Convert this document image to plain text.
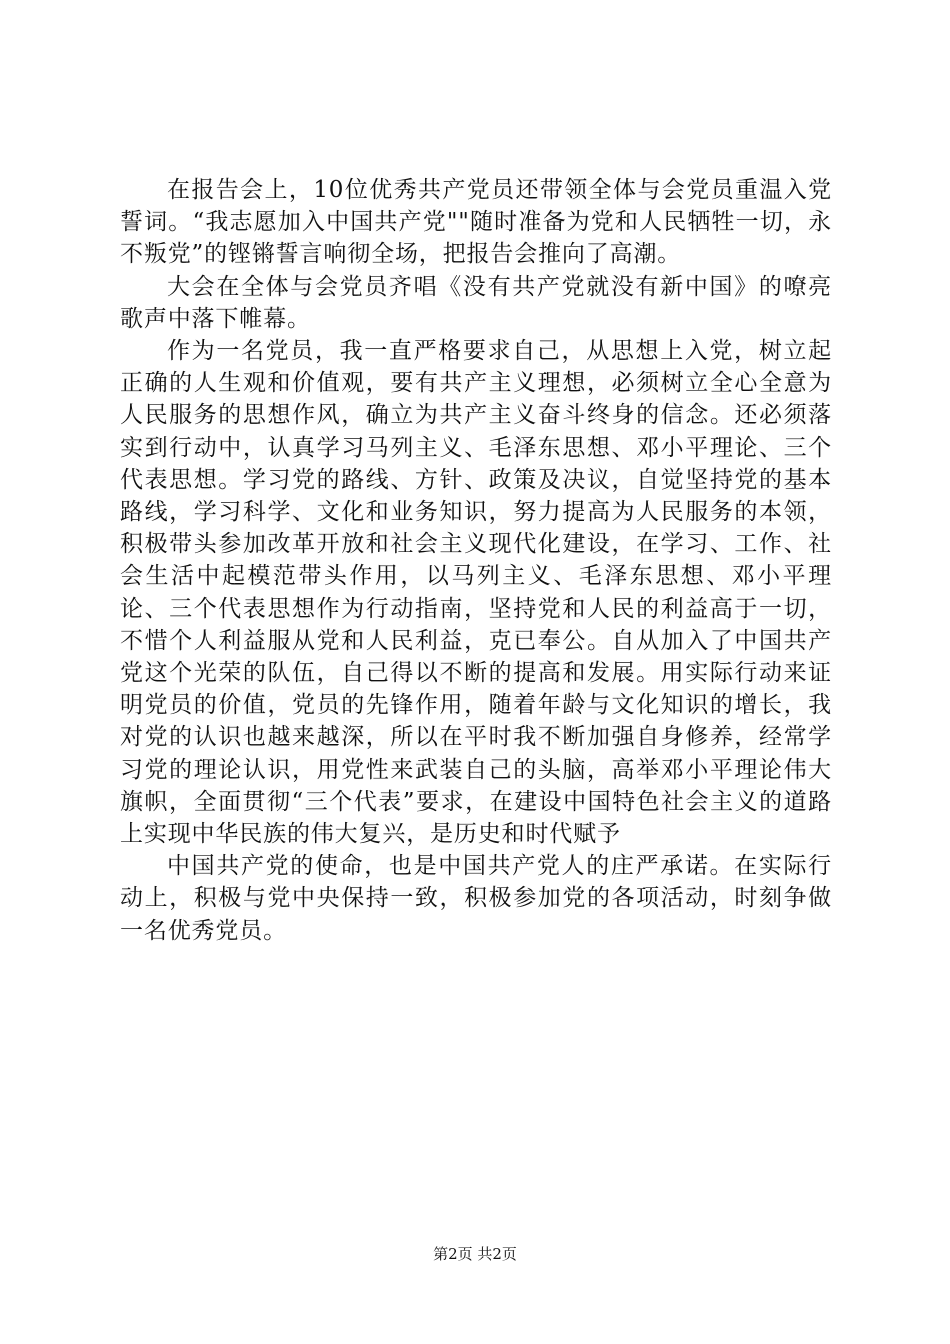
在报告会上，10位优秀共产党员还带领全体与会党员重温入党誓词。“我志愿加入中国共产党""随时准备为党和人民牺牲一切，永不叛党”的铿锵誓言响彻全场，把报告会推向了高潮。

大会在全体与会党员齐唱《没有共产党就没有新中国》的嘹亮歌声中落下帷幕。

作为一名党员，我一直严格要求自己，从思想上入党，树立起正确的人生观和价值观，要有共产主义理想，必须树立全心全意为人民服务的思想作风，确立为共产主义奋斗终身的信念。还必须落实到行动中，认真学习马列主义、毛泽东思想、邓小平理论、三个代表思想。学习党的路线、方针、政策及决议，自觉坚持党的基本路线，学习科学、文化和业务知识，努力提高为人民服务的本领，积极带头参加改革开放和社会主义现代化建设，在学习、工作、社会生活中起模范带头作用，以马列主义、毛泽东思想、邓小平理论、三个代表思想作为行动指南，坚持党和人民的利益高于一切，不惜个人利益服从党和人民利益，克已奉公。自从加入了中国共产党这个光荣的队伍，自己得以不断的提高和发展。用实际行动来证明党员的价值，党员的先锋作用，随着年龄与文化知识的增长，我对党的认识也越来越深，所以在平时我不断加强自身修养，经常学习党的理论认识，用党性来武装自己的头脑，高举邓小平理论伟大旗帜，全面贯彻“三个代表”要求，在建设中国特色社会主义的道路上实现中华民族的伟大复兴，是历史和时代赋予

中国共产党的使命，也是中国共产党人的庄严承诺。在实际行动上，积极与党中央保持一致，积极参加党的各项活动，时刻争做一名优秀党员。

第2页 共2页
